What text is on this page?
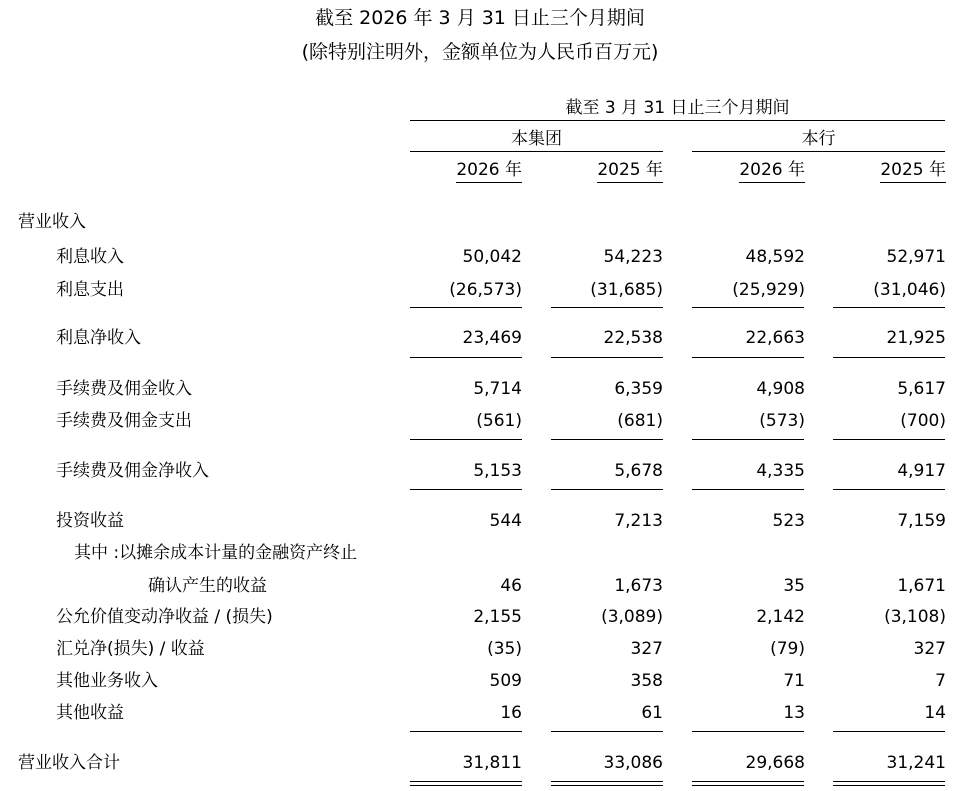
截至 2026 年 3 月 31 日止三个月期间
(除特别注明外，金额单位为人民币百万元)
截至 3 月 31 日止三个月期间
本集团	本行
2026 年	2025 年	2026 年	2025 年
营业收入
利息收入	50,042	54,223	48,592	52,971
利息支出	(26,573)	(31,685)	(25,929)	(31,046)
利息净收入	23,469	22,538	22,663	21,925
手续费及佣金收入	5,714	6,359	4,908	5,617
手续费及佣金支出	(561)	(681)	(573)	(700)
手续费及佣金净收入	5,153	5,678	4,335	4,917
投资收益	544	7,213	523	7,159
其中 :以摊余成本计量的金融资产终止
确认产生的收益	46	1,673	35	1,671
公允价值变动净收益 / (损失)	2,155	(3,089)	2,142	(3,108)
汇兑净(损失) / 收益	(35)	327	(79)	327
其他业务收入	509	358	71	7
其他收益	16	61	13	14
营业收入合计	31,811	33,086	29,668	31,241
